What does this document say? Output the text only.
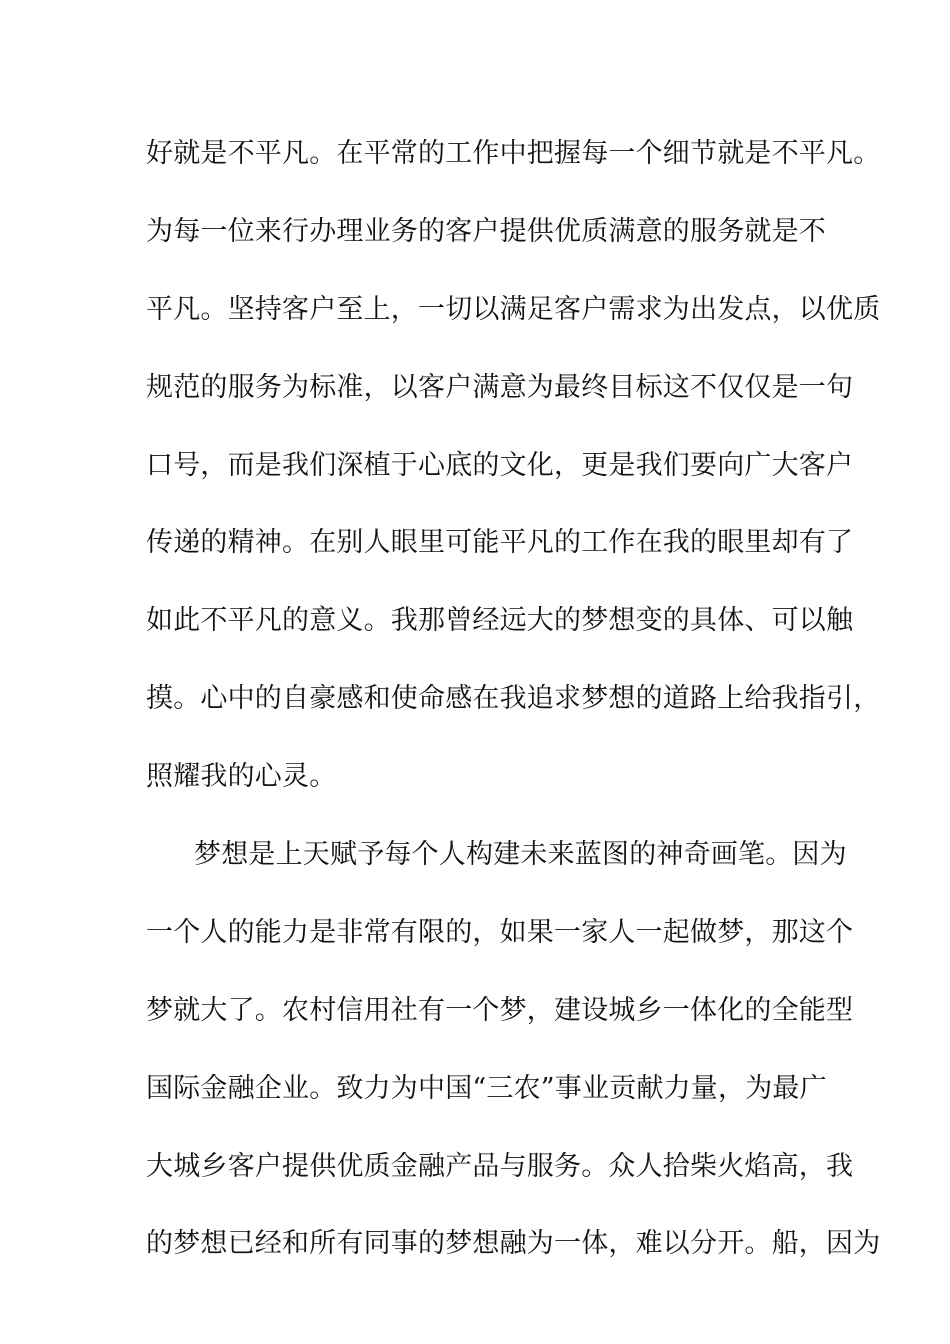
好就是不平凡。在平常的工作中把握每一个细节就是不平凡。
为每一位来行办理业务的客户提供优质满意的服务就是不
平凡。坚持客户至上，一切以满足客户需求为出发点，以优质
规范的服务为标准，以客户满意为最终目标这不仅仅是一句
口号，而是我们深植于心底的文化，更是我们要向广大客户
传递的精神。在别人眼里可能平凡的工作在我的眼里却有了
如此不平凡的意义。我那曾经远大的梦想变的具体、可以触
摸。心中的自豪感和使命感在我追求梦想的道路上给我指引，
照耀我的心灵。
梦想是上天赋予每个人构建未来蓝图的神奇画笔。因为
一个人的能力是非常有限的，如果一家人一起做梦，那这个
梦就大了。农村信用社有一个梦，建设城乡一体化的全能型
国际金融企业。致力为中国“三农”事业贡献力量，为最广
大城乡客户提供优质金融产品与服务。众人拾柴火焰高，我
的梦想已经和所有同事的梦想融为一体，难以分开。船，因为
